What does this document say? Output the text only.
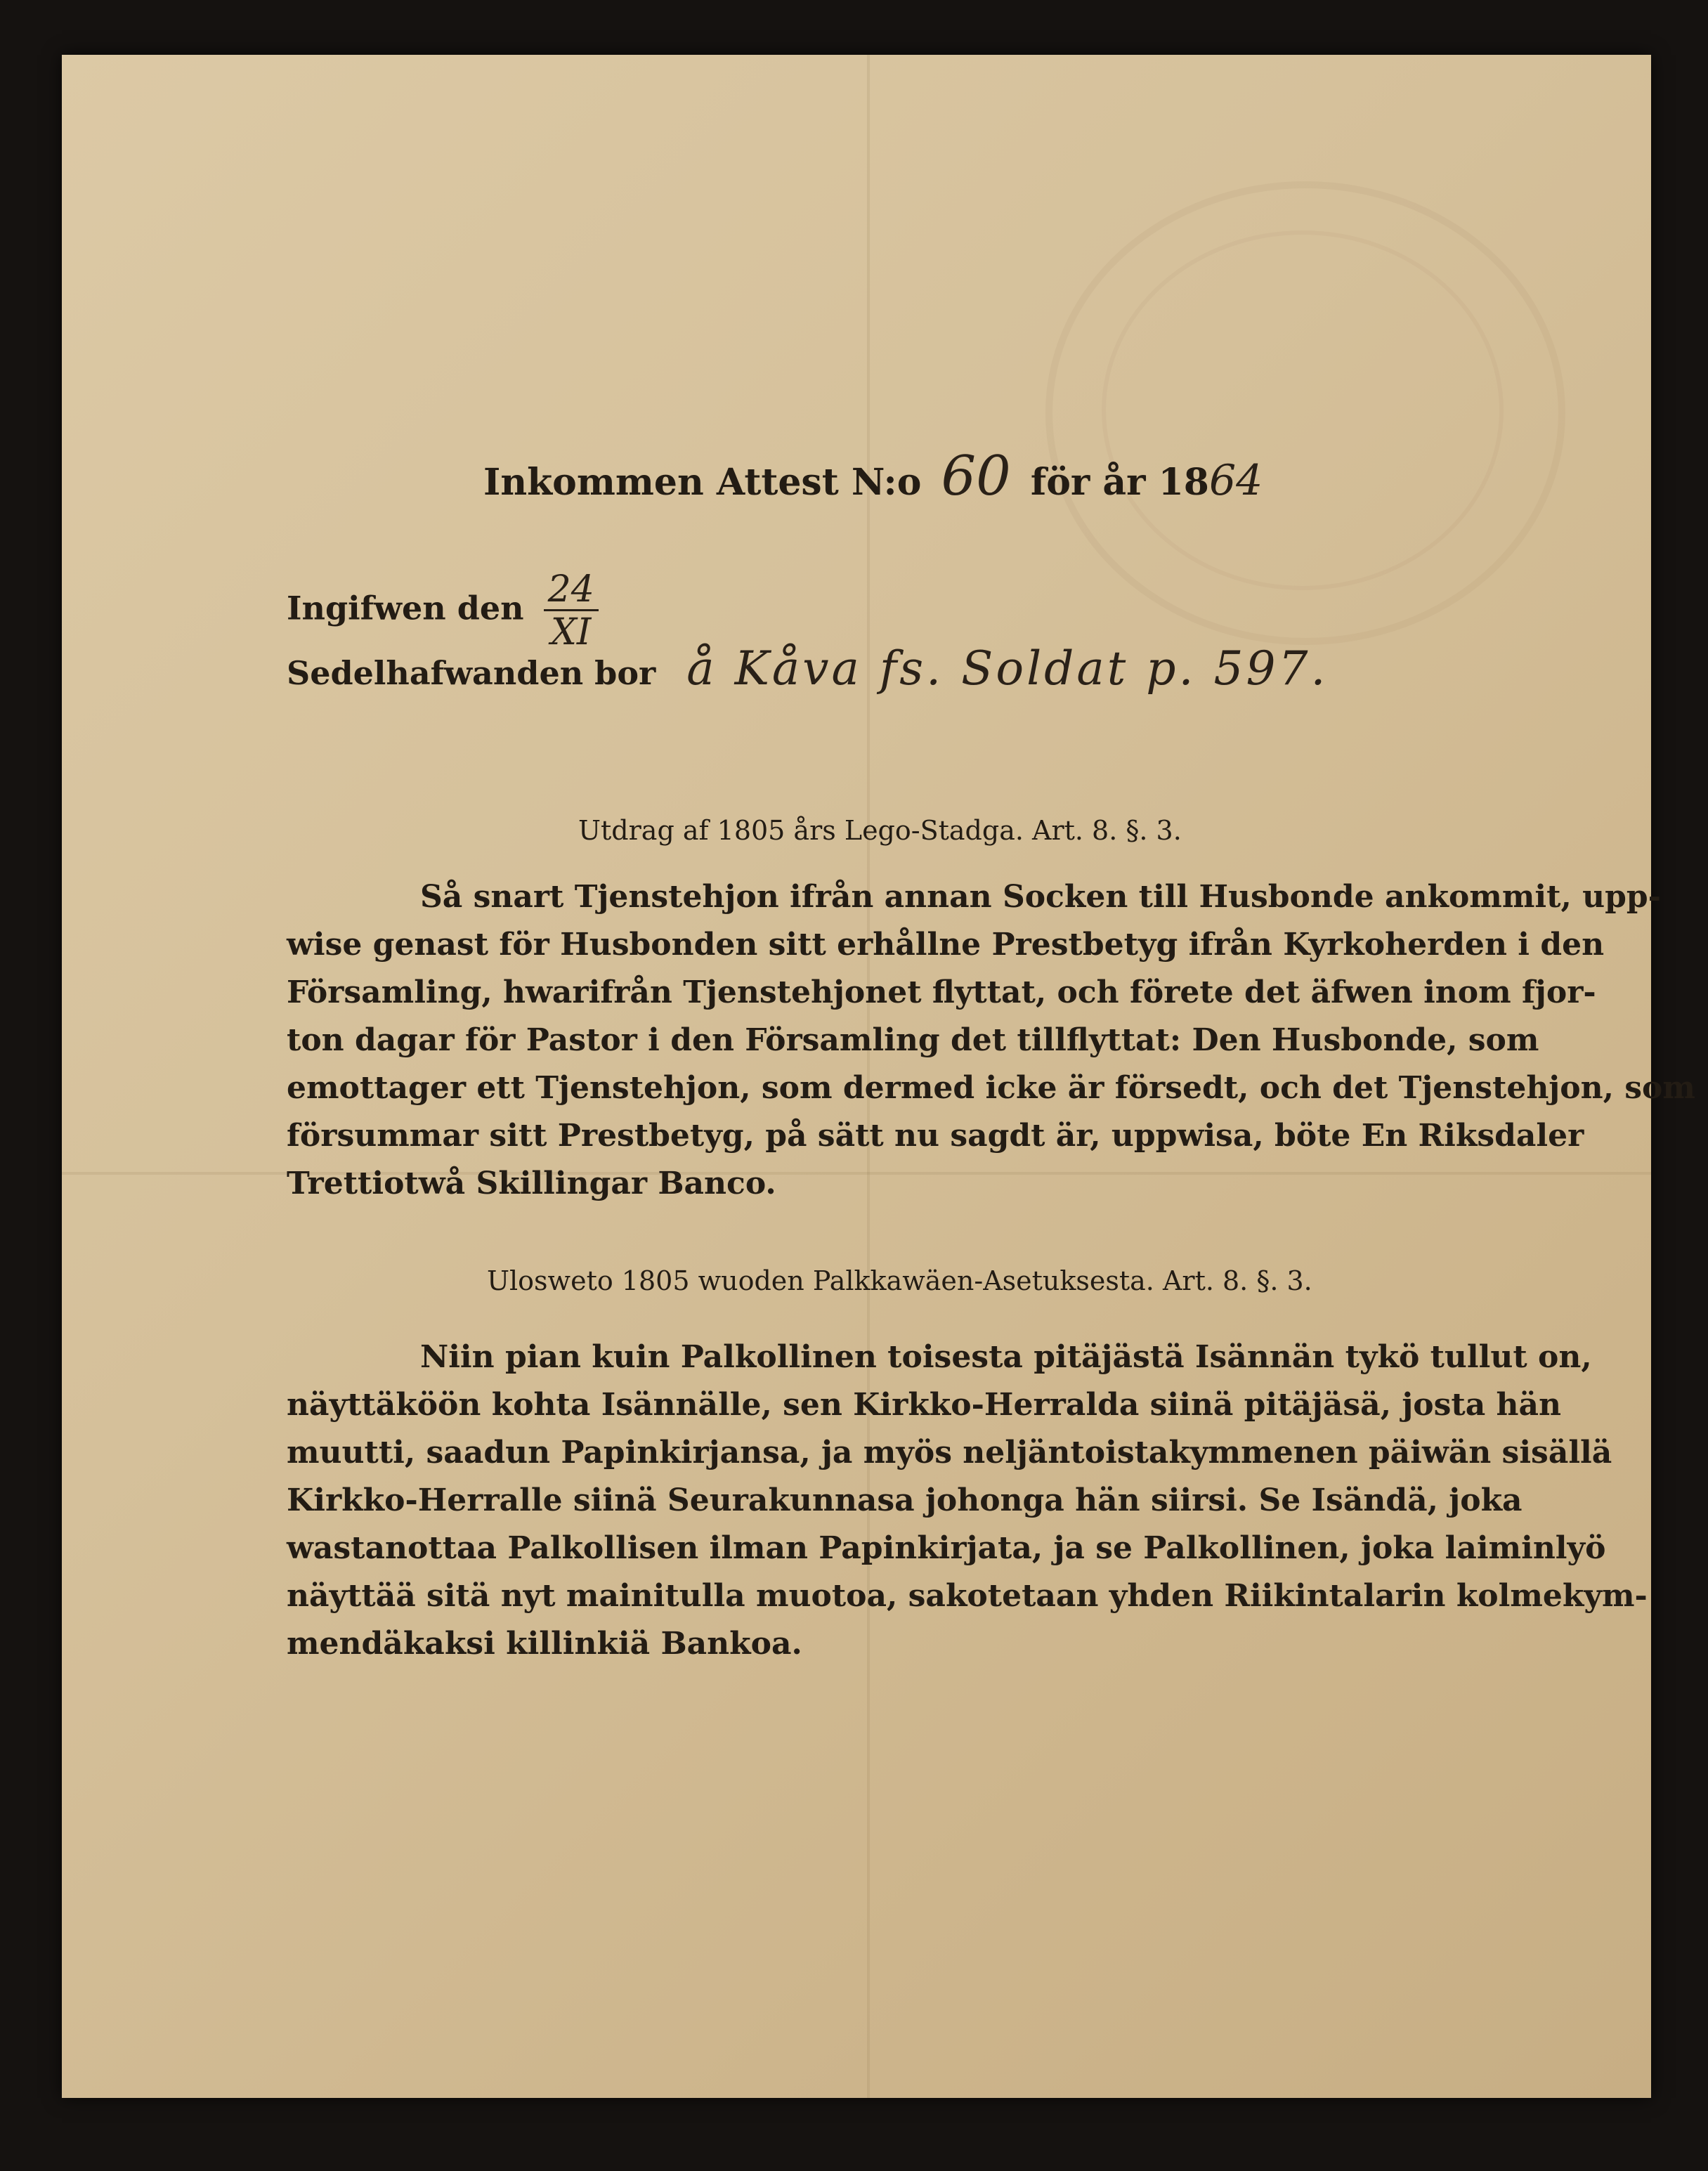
Inkommen Attest N:o 60 för år 1864
Ingifwen den $\frac{24}{XI}$
Sedelhafwanden bor å Kåva fs. Soldat p. 597.
Utdrag af 1805 års Lego-Stadga. Art. 8. §. 3.
Så snart Tjenstehjon ifrån annan Socken till Husbonde ankommit, upp-
wise genast för Husbonden sitt erhållne Prestbetyg ifrån Kyrkoherden i den
Församling, hwarifrån Tjenstehjonet flyttat, och förete det äfwen inom fjor-
ton dagar för Pastor i den Församling det tillflyttat: Den Husbonde, som
emottager ett Tjenstehjon, som dermed icke är försedt, och det Tjenstehjon, som
försummar sitt Prestbetyg, på sätt nu sagdt är, uppwisa, böte En Riksdaler
Trettiotwå Skillingar Banco.
Ulosweto 1805 wuoden Palkkawäen-Asetuksesta. Art. 8. §. 3.
Niin pian kuin Palkollinen toisesta pitäjästä Isännän tykö tullut on,
näyttäköön kohta Isännälle, sen Kirkko-Herralda siinä pitäjäsä, josta hän
muutti, saadun Papinkirjansa, ja myös neljäntoistakymmenen päiwän sisällä
Kirkko-Herralle siinä Seurakunnasa johonga hän siirsi. Se Isändä, joka
wastanottaa Palkollisen ilman Papinkirjata, ja se Palkollinen, joka laiminlyö
näyttää sitä nyt mainitulla muotoa, sakotetaan yhden Riikintalarin kolmekym-
mendäkaksi killinkiä Bankoa.
